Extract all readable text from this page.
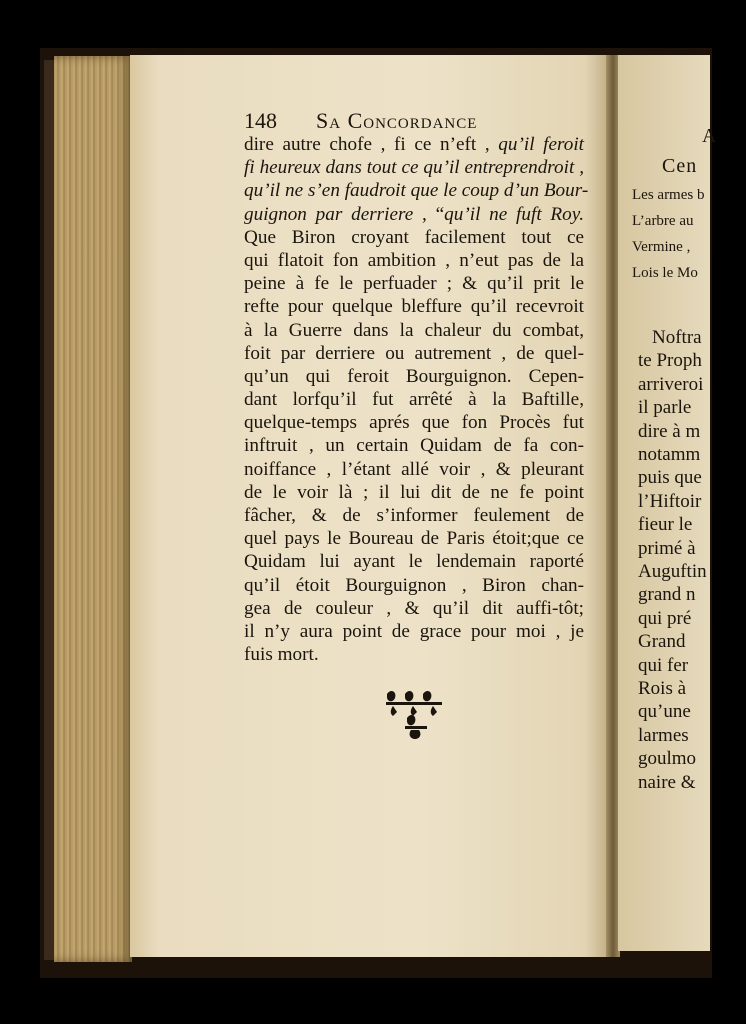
148 Sa Concordance
dire autre chofe , fi ce n’eft , qu’il feroit
fi heureux dans tout ce qu’il entreprendroit ,
qu’il ne s’en faudroit que le coup d’un Bour-
guignon par derriere , “qu’il ne fuft Roy.
Que Biron croyant facilement tout ce
qui flatoit fon ambition , n’eut pas de la
peine à fe le perfuader ; & qu’il prit le
refte pour quelque bleffure qu’il recevroit
à la Guerre dans la chaleur du combat,
foit par derriere ou autrement , de quel-
qu’un qui feroit Bourguignon. Cepen-
dant lorfqu’il fut arrêté à la Baftille,
quelque-temps aprés que fon Procès fut
inftruit , un certain Quidam de fa con-
noiffance , l’étant allé voir , & pleurant
de le voir là ; il lui dit de ne fe point
fâcher, & de s’informer feulement de
quel pays le Boureau de Paris étoit;que ce
Quidam lui ayant le lendemain raporté
qu’il étoit Bourguignon , Biron chan-
gea de couleur , & qu’il dit auffi-tôt;
il n’y aura point de grace pour moi , je
fuis mort.
A
Cen
Les armes b
L’arbre au
Vermine ,
Lois le Mo
Noftra
te Proph
arriveroi
il parle
dire à m
notamm
puis que
l’Hiftoir
fieur le
primé à
Auguftin
grand n
qui pré
Grand
qui fer
Rois à
qu’une
larmes
goulmo
naire &
